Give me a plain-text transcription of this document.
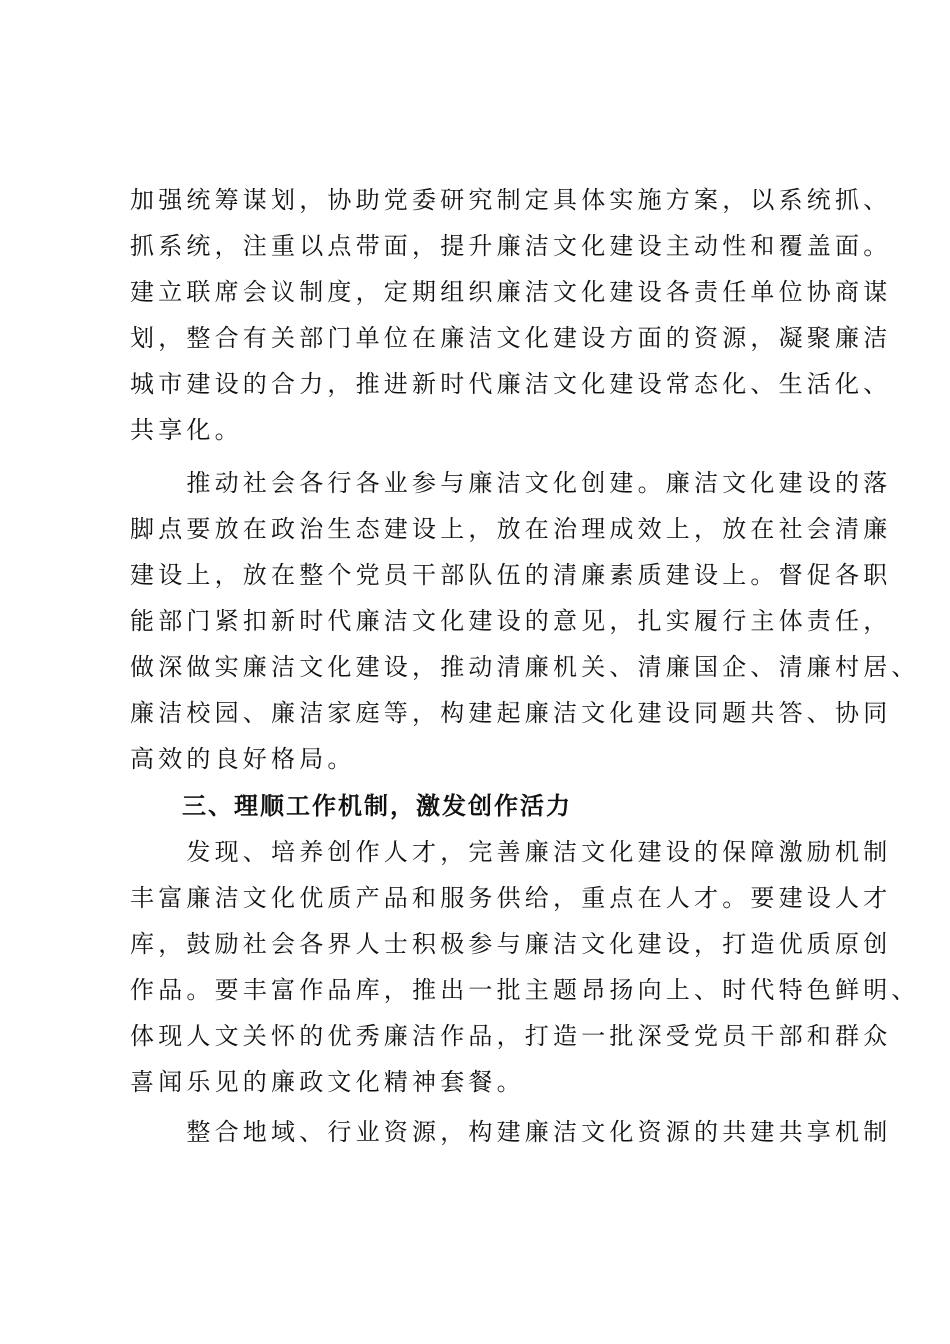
加强统筹谋划，协助党委研究制定具体实施方案，以系统抓、
抓系统，注重以点带面，提升廉洁文化建设主动性和覆盖面。
建立联席会议制度，定期组织廉洁文化建设各责任单位协商谋
划，整合有关部门单位在廉洁文化建设方面的资源，凝聚廉洁
城市建设的合力，推进新时代廉洁文化建设常态化、生活化、
共享化。
　　推动社会各行各业参与廉洁文化创建。廉洁文化建设的落
脚点要放在政治生态建设上，放在治理成效上，放在社会清廉
建设上，放在整个党员干部队伍的清廉素质建设上。督促各职
能部门紧扣新时代廉洁文化建设的意见，扎实履行主体责任，
做深做实廉洁文化建设，推动清廉机关、清廉国企、清廉村居、
廉洁校园、廉洁家庭等，构建起廉洁文化建设同题共答、协同
高效的良好格局。
　　三、理顺工作机制，激发创作活力
　　发现、培养创作人才，完善廉洁文化建设的保障激励机制
丰富廉洁文化优质产品和服务供给，重点在人才。要建设人才
库，鼓励社会各界人士积极参与廉洁文化建设，打造优质原创
作品。要丰富作品库，推出一批主题昂扬向上、时代特色鲜明、
体现人文关怀的优秀廉洁作品，打造一批深受党员干部和群众
喜闻乐见的廉政文化精神套餐。
　　整合地域、行业资源，构建廉洁文化资源的共建共享机制
